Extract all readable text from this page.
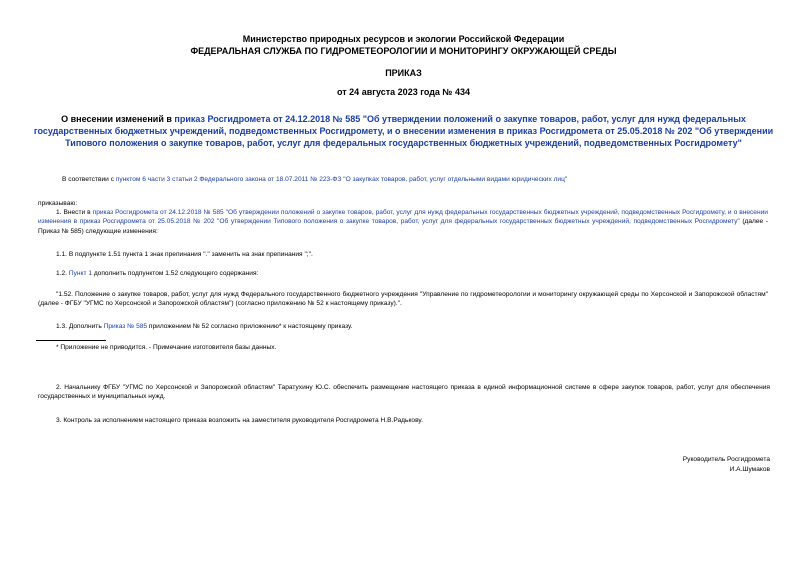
Министерство природных ресурсов и экологии Российской Федерации
ФЕДЕРАЛЬНАЯ СЛУЖБА ПО ГИДРОМЕТЕОРОЛОГИИ И МОНИТОРИНГУ ОКРУЖАЮЩЕЙ СРЕДЫ
ПРИКАЗ
от 24 августа 2023 года № 434
О внесении изменений в приказ Росгидромета от 24.12.2018 № 585 "Об утверждении положений о закупке товаров, работ, услуг для нужд федеральных государственных бюджетных учреждений, подведомственных Росгидромету, и о внесении изменения в приказ Росгидромета от 25.05.2018 № 202 "Об утверждении Типового положения о закупке товаров, работ, услуг для федеральных государственных бюджетных учреждений, подведомственных Росгидромету"
В соответствии с пунктом 6 части 3 статьи 2 Федерального закона от 18.07.2011 № 223-ФЗ "О закупках товаров, работ, услуг отдельными видами юридических лиц"
приказываю:
1. Внести в приказ Росгидромета от 24.12.2018 № 585 "Об утверждении положений о закупке товаров, работ, услуг для нужд федеральных государственных бюджетных учреждений, подведомственных Росгидромету, и о внесении изменения в приказ Росгидромета от 25.05.2018 № 202 "Об утверждении Типового положения о закупке товаров, работ, услуг для федеральных государственных бюджетных учреждений, подведомственных Росгидромету" (далее - Приказ № 585) следующие изменения:
1.1. В подпункте 1.51 пункта 1 знак препинания "." заменить на знак препинания ";".
1.2. Пункт 1 дополнить подпунктом 1.52 следующего содержания:
"1.52. Положение о закупке товаров, работ, услуг для нужд Федерального государственного бюджетного учреждения "Управление по гидрометеорологии и мониторингу окружающей среды по Херсонской и Запорожской областям" (далее - ФГБУ "УГМС по Херсонской и Запорожской областям") (согласно приложению № 52 к настоящему приказу).".
1.3. Дополнить Приказ № 585 приложением № 52 согласно приложению* к настоящему приказу.
* Приложение не приводится. - Примечание изготовителя базы данных.
2. Начальнику ФГБУ "УГМС по Херсонской и Запорожской областям" Таратухину Ю.С. обеспечить размещение настоящего приказа в единой информационной системе в сфере закупок товаров, работ, услуг для обеспечения государственных и муниципальных нужд.
3. Контроль за исполнением настоящего приказа возложить на заместителя руководителя Росгидромета Н.В.Радькову.
Руководитель Росгидромета
И.А.Шумаков
